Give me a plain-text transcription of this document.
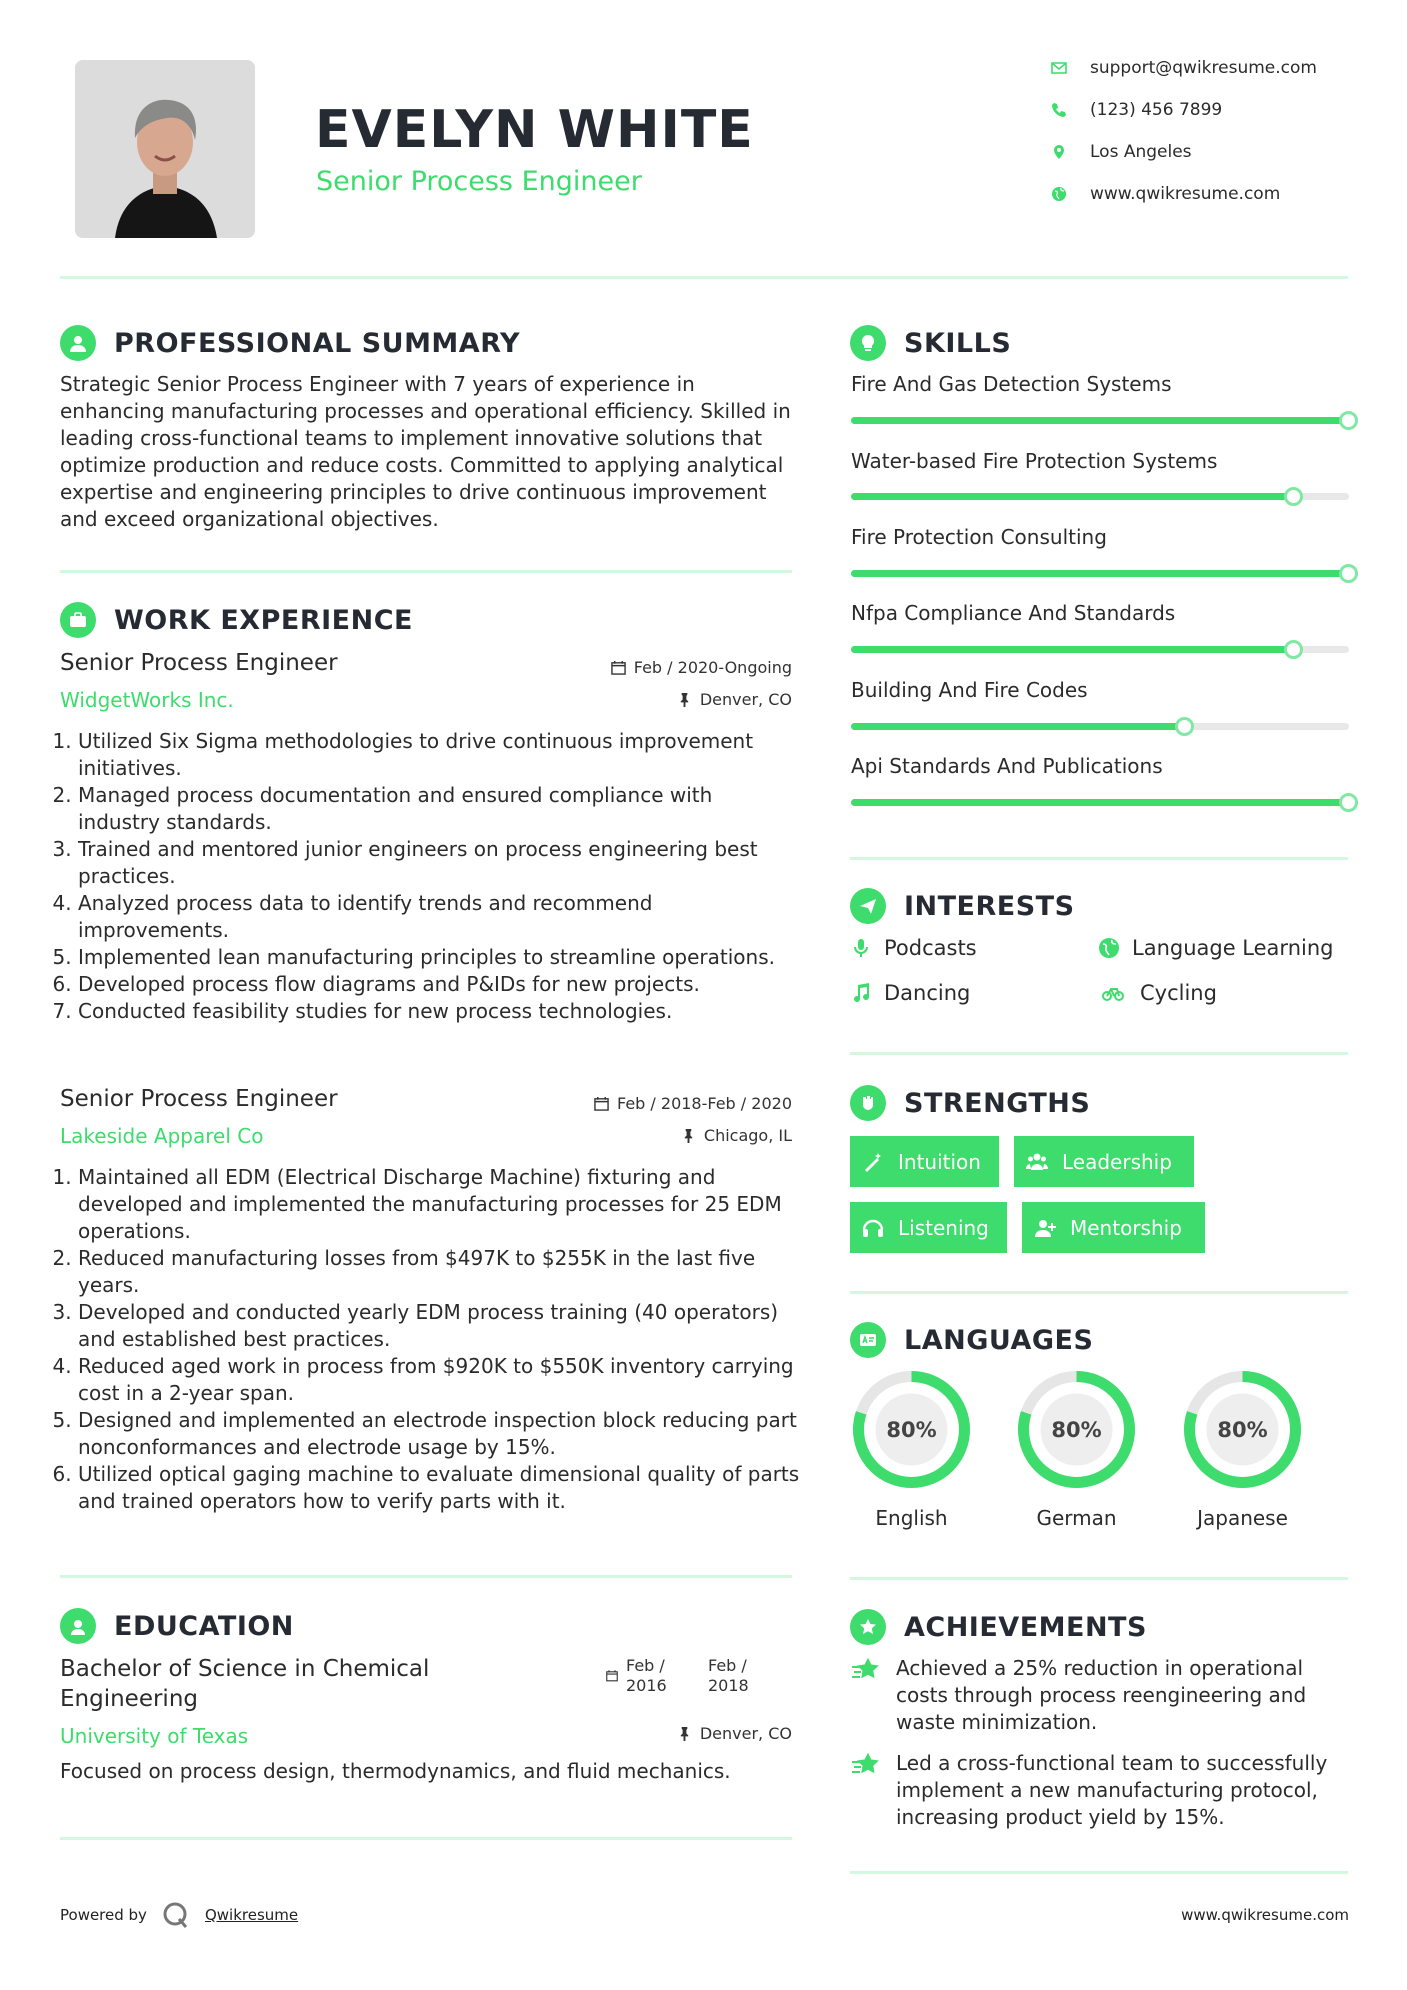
EVELYN WHITE
Senior Process Engineer
support@qwikresume.com
(123) 456 7899
Los Angeles
www.qwikresume.com
PROFESSIONAL SUMMARY
Strategic Senior Process Engineer with 7 years of experience in enhancing manufacturing processes and operational efficiency. Skilled in leading cross-functional teams to implement innovative solutions that optimize production and reduce costs. Committed to applying analytical expertise and engineering principles to drive continuous improvement and exceed organizational objectives.
WORK EXPERIENCE
Senior Process Engineer	Feb / 2020-Ongoing
WidgetWorks Inc.	Denver, CO
1. Utilized Six Sigma methodologies to drive continuous improvement initiatives.
2. Managed process documentation and ensured compliance with industry standards.
3. Trained and mentored junior engineers on process engineering best practices.
4. Analyzed process data to identify trends and recommend improvements.
5. Implemented lean manufacturing principles to streamline operations.
6. Developed process flow diagrams and P&IDs for new projects.
7. Conducted feasibility studies for new process technologies.
Senior Process Engineer	Feb / 2018-Feb / 2020
Lakeside Apparel Co	Chicago, IL
1. Maintained all EDM (Electrical Discharge Machine) fixturing and developed and implemented the manufacturing processes for 25 EDM operations.
2. Reduced manufacturing losses from $497K to $255K in the last five years.
3. Developed and conducted yearly EDM process training (40 operators) and established best practices.
4. Reduced aged work in process from $920K to $550K inventory carrying cost in a 2-year span.
5. Designed and implemented an electrode inspection block reducing part nonconformances and electrode usage by 15%.
6. Utilized optical gaging machine to evaluate dimensional quality of parts and trained operators how to verify parts with it.
EDUCATION
Bachelor of Science in Chemical Engineering
Feb / 2016
Feb / 2018
University of Texas	Denver, CO
Focused on process design, thermodynamics, and fluid mechanics.
SKILLS
Fire And Gas Detection Systems
Water-based Fire Protection Systems
Fire Protection Consulting
Nfpa Compliance And Standards
Building And Fire Codes
Api Standards And Publications
INTERESTS
Podcasts	Language Learning
Dancing	Cycling
STRENGTHS
Intuition	Leadership
Listening	Mentorship
LANGUAGES
80%
English
80%
German
80%
Japanese
ACHIEVEMENTS
Achieved a 25% reduction in operational costs through process reengineering and waste minimization.
Led a cross-functional team to successfully implement a new manufacturing protocol, increasing product yield by 15%.
Powered by	Qwikresume	www.qwikresume.com
